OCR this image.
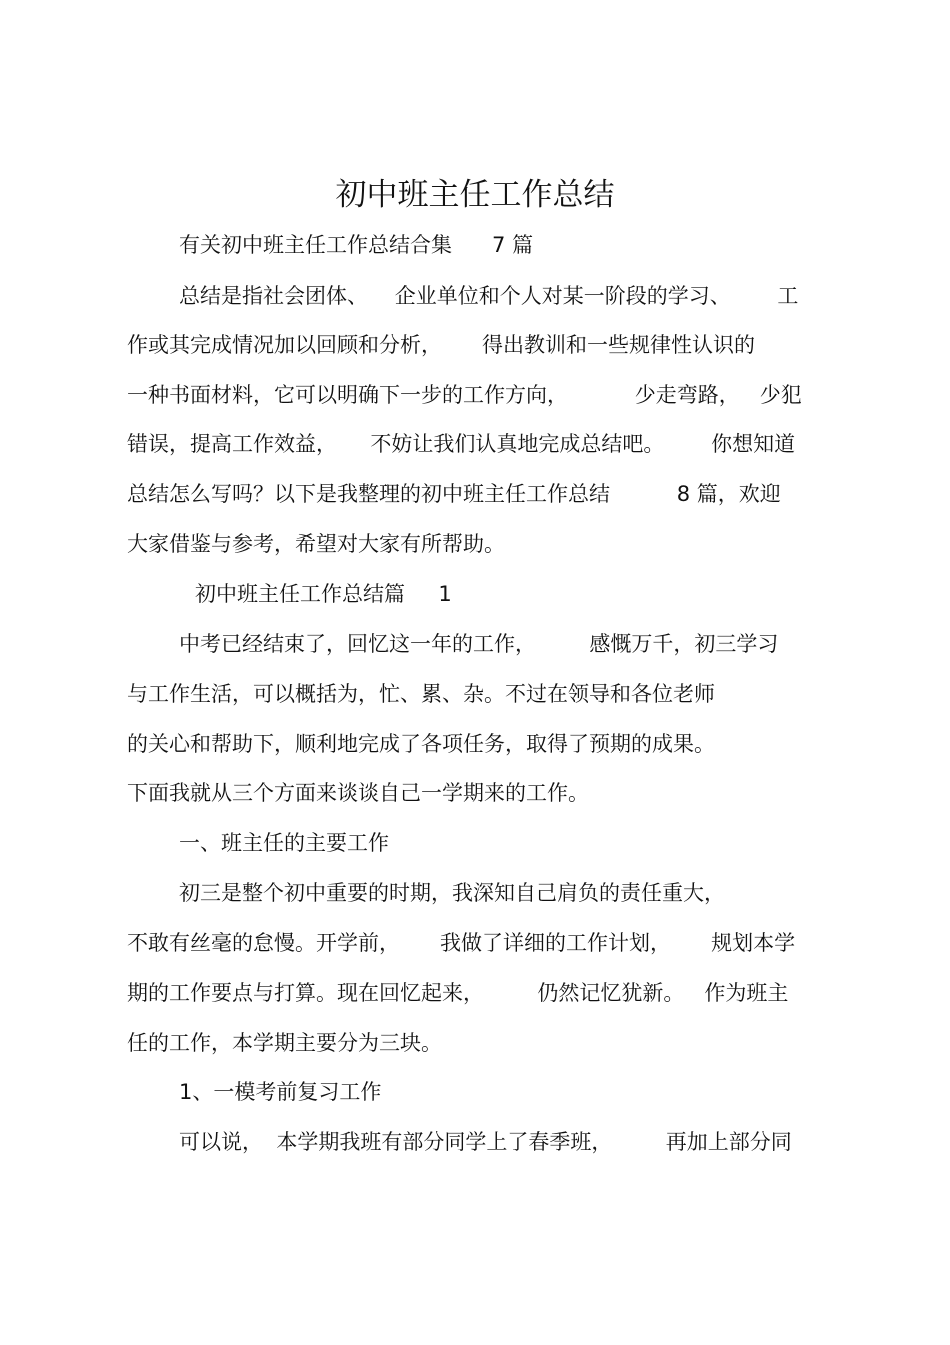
初中班主任工作总结
有关初中班主任工作总结合集      7 篇
总结是指社会团体、    企业单位和个人对某一阶段的学习、       工
作或其完成情况加以回顾和分析，      得出教训和一些规律性认识的
一种书面材料，它可以明确下一步的工作方向，          少走弯路，   少犯
错误，提高工作效益，     不妨让我们认真地完成总结吧。       你想知道
总结怎么写吗？以下是我整理的初中班主任工作总结          8 篇，欢迎
大家借鉴与参考，希望对大家有所帮助。
初中班主任工作总结篇     1
中考已经结束了，回忆这一年的工作，        感慨万千，初三学习
与工作生活，可以概括为，忙、累、杂。不过在领导和各位老师
的关心和帮助下，顺利地完成了各项任务，取得了预期的成果。
下面我就从三个方面来谈谈自己一学期来的工作。
一、班主任的主要工作
初三是整个初中重要的时期，我深知自己肩负的责任重大，
不敢有丝毫的怠慢。开学前，      我做了详细的工作计划，      规划本学
期的工作要点与打算。现在回忆起来，        仍然记忆犹新。   作为班主
任的工作，本学期主要分为三块。
1、一模考前复习工作
可以说，  本学期我班有部分同学上了春季班，        再加上部分同
